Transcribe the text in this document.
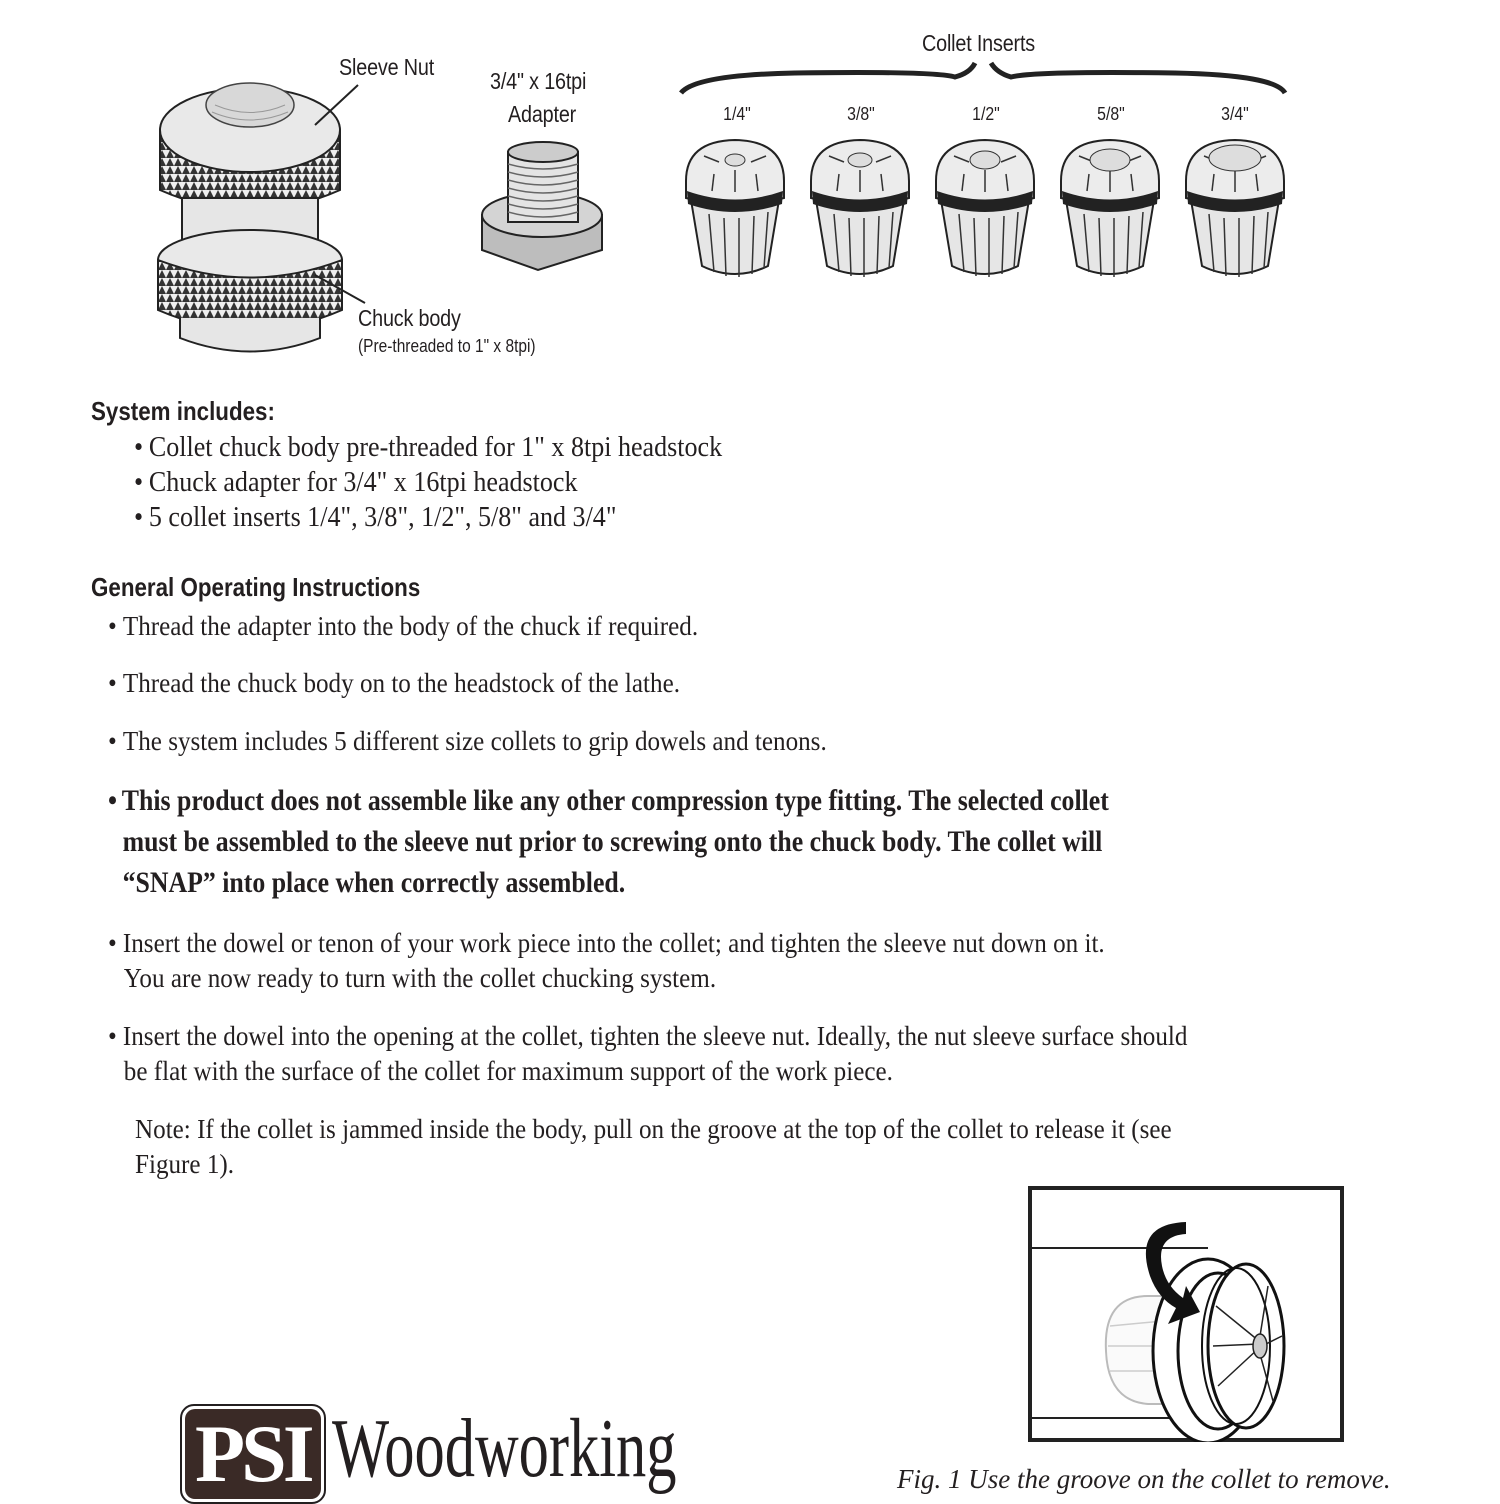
Sleeve Nut
3/4" x 16tpi
Adapter
Chuck body
(Pre-threaded to 1" x 8tpi)
Collet Inserts
1/4"	3/8"	1/2"	5/8"	3/4"
System includes:
• Collet chuck body pre-threaded for 1" x 8tpi headstock
• Chuck adapter for 3/4" x 16tpi headstock
• 5 collet inserts 1/4", 3/8", 1/2", 5/8" and 3/4"
General Operating Instructions
• Thread the adapter into the body of the chuck if required.
• Thread the chuck body on to the headstock of the lathe.
• The system includes 5 different size collets to grip dowels and tenons.
• This product does not assemble like any other compression type fitting. The selected collet
must be assembled to the sleeve nut prior to screwing onto the chuck body. The collet will
“SNAP” into place when correctly assembled.
• Insert the dowel or tenon of your work piece into the collet; and tighten the sleeve nut down on it.
You are now ready to turn with the collet chucking system.
• Insert the dowel into the opening at the collet, tighten the sleeve nut. Ideally, the nut sleeve surface should
be flat with the surface of the collet for maximum support of the work piece.
Note: If the collet is jammed inside the body, pull on the groove at the top of the collet to release it (see
Figure 1).
Fig. 1 Use the groove on the collet to remove.
PSI Woodworking
